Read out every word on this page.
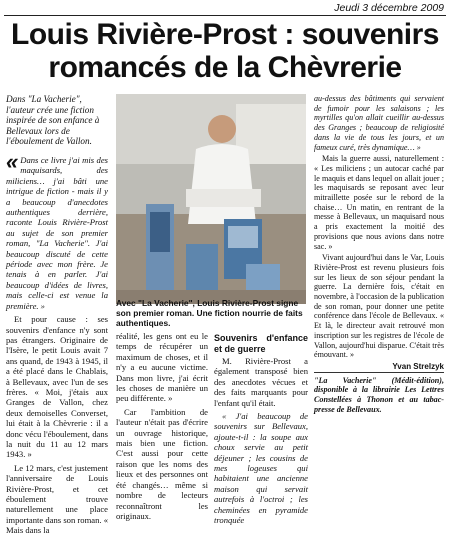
Jeudi 3 décembre 2009
Louis Rivière-Prost : souvenirs romancés de la Chèvrerie
Dans "La Vacherie", l'auteur crée une fiction inspirée de son enfance à Bellevaux lors de l'éboulement de Vallon.

« Dans ce livre j'ai mis des maquisards, des miliciens… j'ai bâti une intrigue de fiction - mais il y a beaucoup d'anecdotes authentiques derrière, raconte Louis Rivière-Prost au sujet de son premier roman, "La Vacherie". J'ai beaucoup discuté de cette période avec mon frère. Je tenais à en parler. J'ai beaucoup d'idées de livres, mais celle-ci est venue la première. »

Et pour cause : ses souvenirs d'enfance n'y sont pas étrangers. Originaire de l'Isère, le petit Louis avait 7 ans quand, de 1943 à 1945, il a été placé dans le Chablais, à Bellevaux, avec l'un de ses frères. « Moi, j'étais aux Granges de Vallon, chez deux demoiselles Converset, lui était à la Chèvrerie : il a donc vécu l'éboulement, dans la nuit du 11 au 12 mars 1943. »

Le 12 mars, c'est justement l'anniversaire de Louis Rivière-Prost, et cet éboulement trouve naturellement une place importante dans son roman. « Mais dans la

Avec "La Vacherie", Louis Rivière-Prost signe son premier roman. Une fiction nourrie de faits authentiques.

réalité, les gens ont eu le temps de récupérer un maximum de choses, et il n'y a eu aucune victime. Dans mon livre, j'ai écrit les choses de manière un peu différente. »

Car l'ambition de l'auteur n'était pas d'écrire un ouvrage historique, mais bien une fiction. C'est aussi pour cette raison que les noms des lieux et des personnes ont été changés… même si nombre de lecteurs reconnaîtront les originaux.

Souvenirs d'enfance et de guerre

M. Rivière-Prost a également transposé bien des anecdotes vécues et des faits marquants pour l'enfant qu'il était.

« J'ai beaucoup de souvenirs sur Bellevaux, ajoute-t-il : la soupe aux choux servie au petit déjeuner ; les cousins de mes logeuses qui habitaient une ancienne maison qui servait autrefois à l'octroi ; les cheminées en pyramide tronquée

au-dessus des bâtiments qui servaient de fumoir pour les salaisons ; les myrtilles qu'on allait cueillir au-dessus des Granges ; beaucoup de religiosité dans la vie de tous les jours, et un fameux curé, très dynamique… »

Mais la guerre aussi, naturellement : « Les miliciens ; un autocar caché par le maquis et dans lequel on allait jouer ; les maquisards se reposant avec leur mitraillette posée sur le rebord de la chaise… Un matin, en rentrant de la messe à Bellevaux, un maquisard nous a pris exactement la moitié des provisions que nous avions dans notre sac. »

Vivant aujourd'hui dans le Var, Louis Rivière-Prost est revenu plusieurs fois sur les lieux de son séjour pendant la guerre. La dernière fois, c'était en novembre, à l'occasion de la publication de son roman, pour donner une petite conférence dans l'école de Bellevaux. « Et là, le directeur avait retrouvé mon inscription sur les registres de l'école de Vallon, aujourd'hui disparue. C'était très émouvant. »

Yvan Strelzyk

"La Vacherie" (Médit-édition), disponible à la librairie Les Lettres Constellées à Thonon et au tabac-presse de Bellevaux.
